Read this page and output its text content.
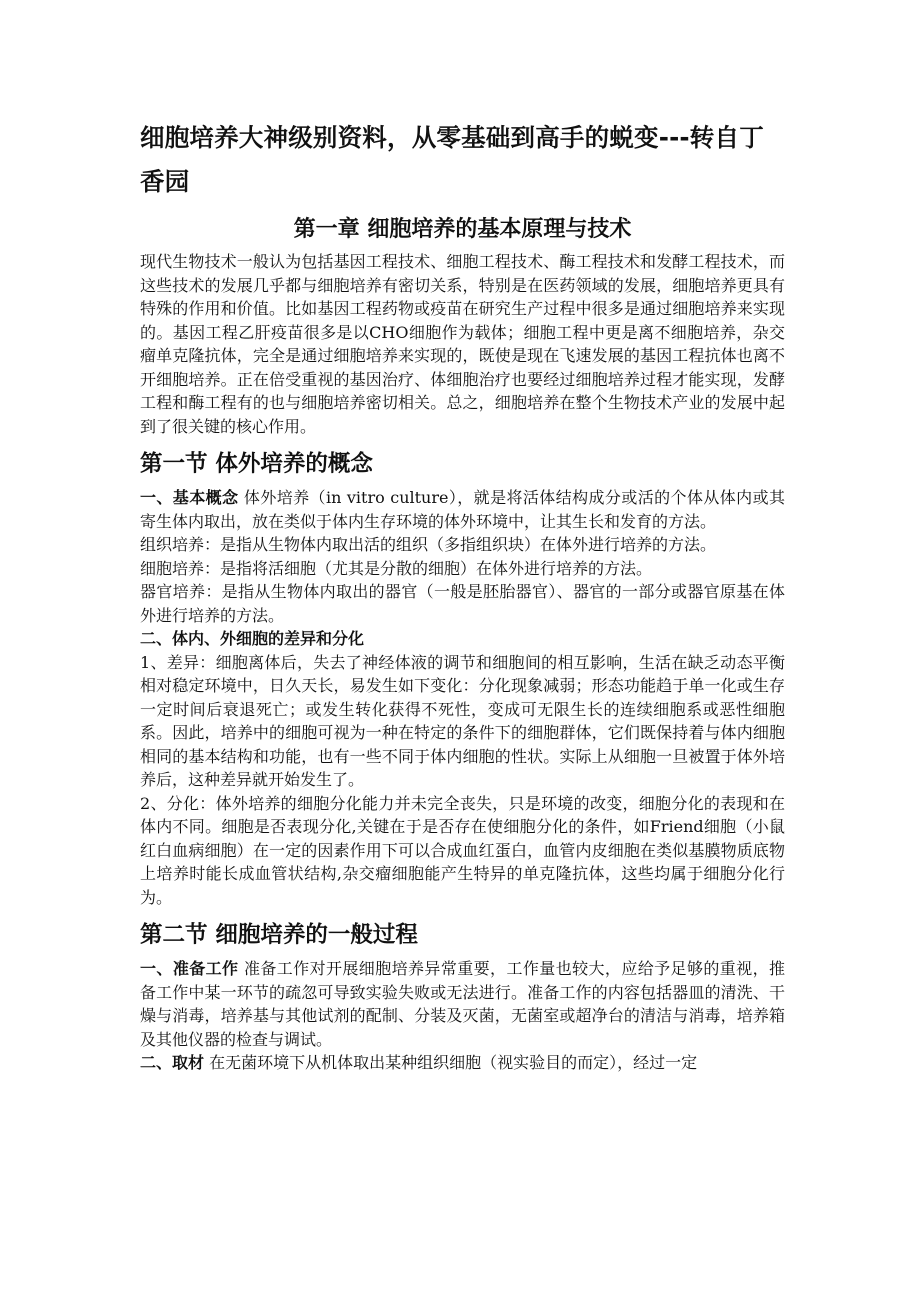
细胞培养大神级别资料，从零基础到高手的蜕变---转自丁香园
第一章 细胞培养的基本原理与技术

现代生物技术一般认为包括基因工程技术、细胞工程技术、酶工程技术和发酵工程技术，而这些技术的发展几乎都与细胞培养有密切关系，特别是在医药领域的发展，细胞培养更具有特殊的作用和价值。比如基因工程药物或疫苗在研究生产过程中很多是通过细胞培养来实现的。基因工程乙肝疫苗很多是以CHO细胞作为载体；细胞工程中更是离不细胞培养，杂交瘤单克隆抗体，完全是通过细胞培养来实现的，既使是现在飞速发展的基因工程抗体也离不开细胞培养。正在倍受重视的基因治疗、体细胞治疗也要经过细胞培养过程才能实现，发酵工程和酶工程有的也与细胞培养密切相关。总之，细胞培养在整个生物技术产业的发展中起到了很关键的核心作用。

第一节 体外培养的概念

一、基本概念 体外培养（in vitro culture），就是将活体结构成分或活的个体从体内或其寄生体内取出，放在类似于体内生存环境的体外环境中，让其生长和发育的方法。

组织培养：是指从生物体内取出活的组织（多指组织块）在体外进行培养的方法。

细胞培养：是指将活细胞（尤其是分散的细胞）在体外进行培养的方法。

器官培养：是指从生物体内取出的器官（一般是胚胎器官）、器官的一部分或器官原基在体外进行培养的方法。

二、体内、外细胞的差异和分化

1、差异：细胞离体后，失去了神经体液的调节和细胞间的相互影响，生活在缺乏动态平衡相对稳定环境中，日久天长，易发生如下变化：分化现象减弱；形态功能趋于单一化或生存一定时间后衰退死亡；或发生转化获得不死性，变成可无限生长的连续细胞系或恶性细胞系。因此，培养中的细胞可视为一种在特定的条件下的细胞群体，它们既保持着与体内细胞相同的基本结构和功能，也有一些不同于体内细胞的性状。实际上从细胞一旦被置于体外培养后，这种差异就开始发生了。

2、分化：体外培养的细胞分化能力并未完全丧失，只是环境的改变，细胞分化的表现和在体内不同。细胞是否表现分化,关键在于是否存在使细胞分化的条件，如Friend细胞（小鼠红白血病细胞）在一定的因素作用下可以合成血红蛋白，血管内皮细胞在类似基膜物质底物上培养时能长成血管状结构,杂交瘤细胞能产生特异的单克隆抗体，这些均属于细胞分化行为。

第二节 细胞培养的一般过程

一、准备工作 准备工作对开展细胞培养异常重要，工作量也较大，应给予足够的重视，推备工作中某一环节的疏忽可导致实验失败或无法进行。准备工作的内容包括器皿的清洗、干燥与消毒，培养基与其他试剂的配制、分装及灭菌，无菌室或超净台的清洁与消毒，培养箱及其他仪器的检查与调试。

二、取材 在无菌环境下从机体取出某种组织细胞（视实验目的而定），经过一定
